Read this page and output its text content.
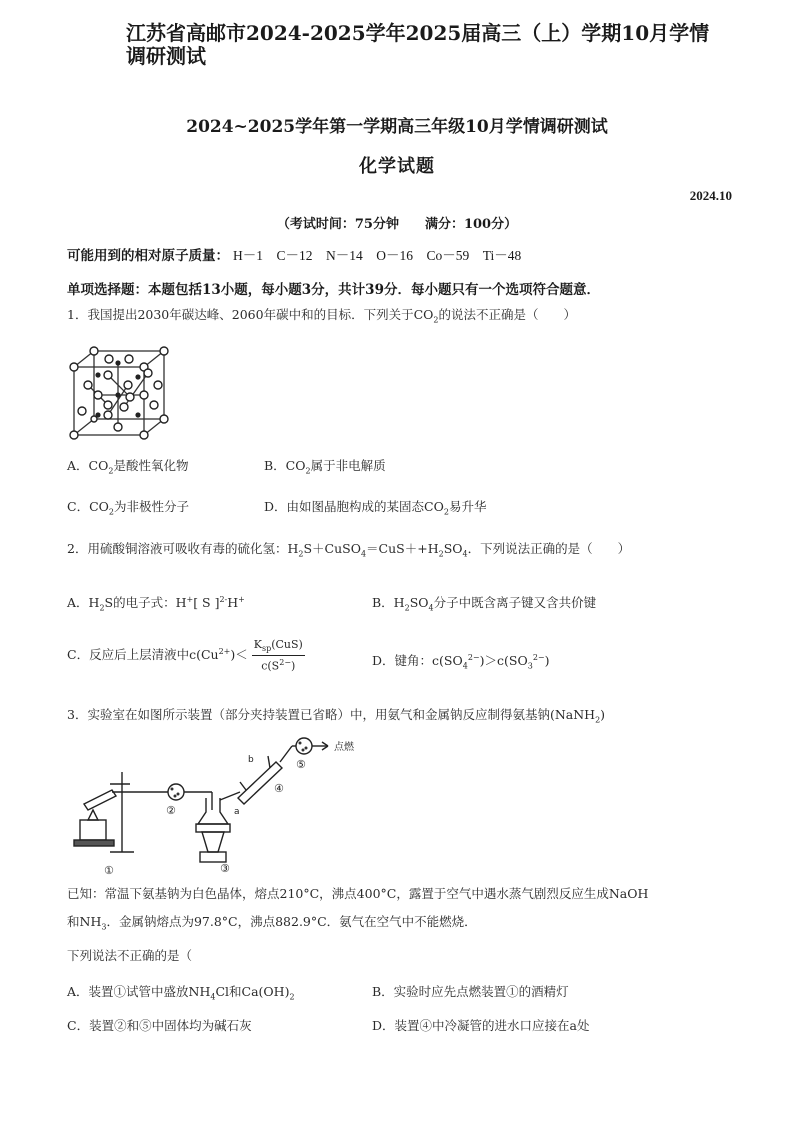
江苏省高邮市2024-2025学年2025届高三（上）学期10月学情调研测试
2024~2025学年第一学期高三年级10月学情调研测试
化学试题
2024.10
（考试时间：75分钟　　满分：100分）
可能用到的相对原子质量： H－1　C－12　N－14　O－16　Co－59　Ti－48
单项选择题：本题包括13小题，每小题3分，共计39分．每小题只有一个选项符合题意．
1．我国提出2030年碳达峰、2060年碳中和的目标．下列关于$CO_2$的说法不正确是（　　）
A．$CO_2$是酸性氧化物	B．$CO_2$属于非电解质
C．$CO_2$为非极性分子	D．由如图晶胞构成的某固态$CO_2$易升华
2．用硫酸铜溶液可吸收有毒的硫化氢：$H_2S+CuSO_4=CuS++H_2SO_4$．下列说法正确的是（　　）
A．$H_2S$的电子式：H+[ S ]$^{2-}$H+	B．$H_2SO_4$分子中既含离子键又含共价键
C．反应后上层清液中$c(Cu^{2+})< \frac{K_{sp}(CuS)}{c(S^{2-})}$	D．键角：$c(SO_4^{2-})>c(SO_3^{2-})$
3．实验室在如图所示装置（部分夹持装置已省略）中，用氨气和金属钠反应制得氨基钠(NaNH$_2$)
点燃
a
b
①
②
③
④
⑤
已知：常温下氨基钠为白色晶体，熔点210°C，沸点400°C，露置于空气中遇水蒸气剧烈反应生成NaOH
和$NH_3$．金属钠熔点为97.8°C，沸点882.9°C．氨气在空气中不能燃烧．
下列说法不正确的是（
A．装置①试管中盛放$NH_4Cl$和$Ca(OH)_2$	B．实验时应先点燃装置①的酒精灯
C．装置②和⑤中固体均为碱石灰	D．装置④中冷凝管的进水口应接在a处
